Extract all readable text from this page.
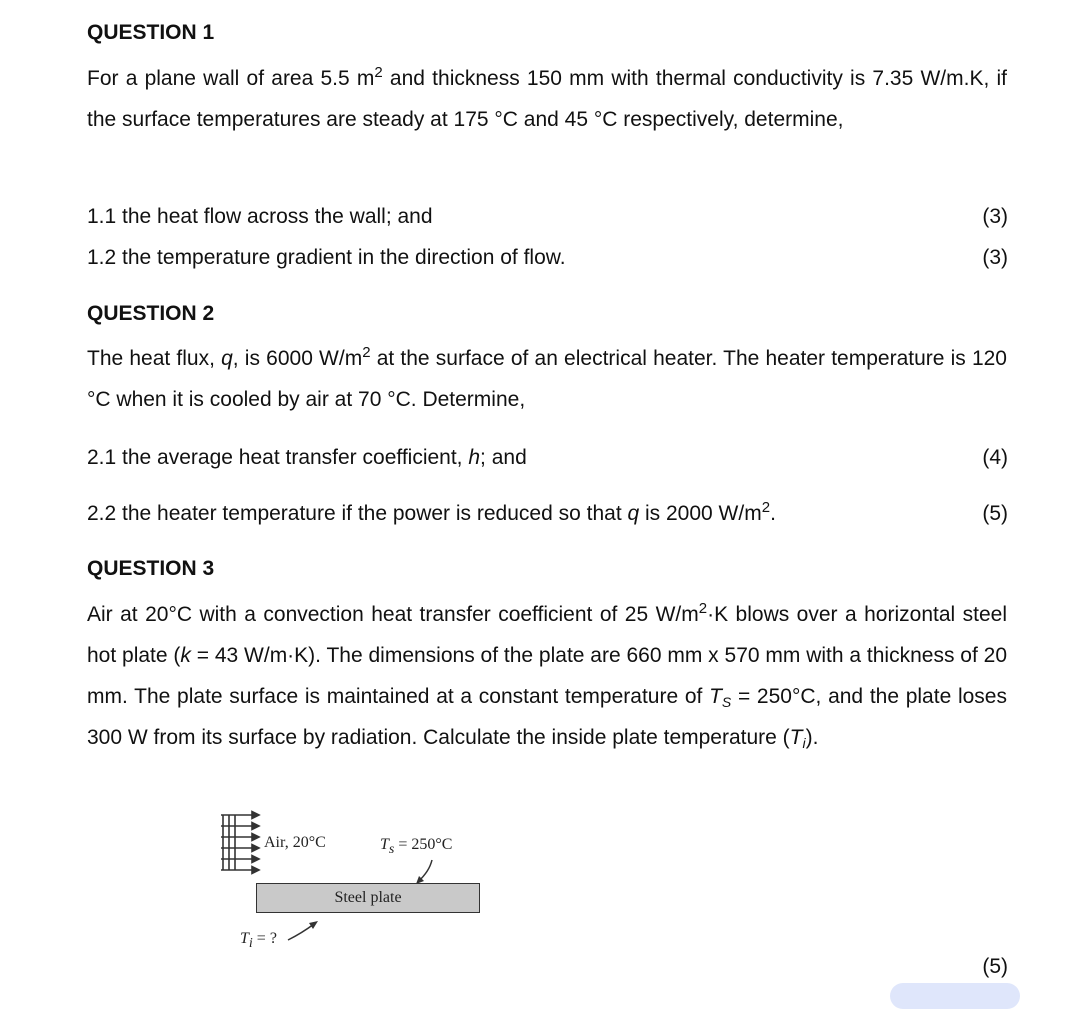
QUESTION 1
For a plane wall of area 5.5 $m^2$ and thickness 150 mm with thermal conductivity is 7.35 W/m.K, if the surface temperatures are steady at 175 °C and 45 °C respectively, determine,
1.1 the heat flow across the wall; and	(3)
1.2 the temperature gradient in the direction of flow.	(3)
QUESTION 2
The heat flux, q, is 6000 $W/m^2$ at the surface of an electrical heater. The heater temperature is 120 °C when it is cooled by air at 70 °C. Determine,
2.1 the average heat transfer coefficient, h; and	(4)
2.2 the heater temperature if the power is reduced so that q is 2000 $W/m^2$.	(5)
QUESTION 3
Air at 20°C with a convection heat transfer coefficient of 25 $W/m^2\cdot K$ blows over a horizontal steel hot plate (k = 43 W/m·K). The dimensions of the plate are 660 mm x 570 mm with a thickness of 20 mm. The plate surface is maintained at a constant temperature of $T_S = 250^\circ C$, and the plate loses 300 W from its surface by radiation. Calculate the inside plate temperature $(T_i)$.
Air, 20°C	$T_s = 250^\circ C$
Steel plate
$T_i$ = ?
(5)
